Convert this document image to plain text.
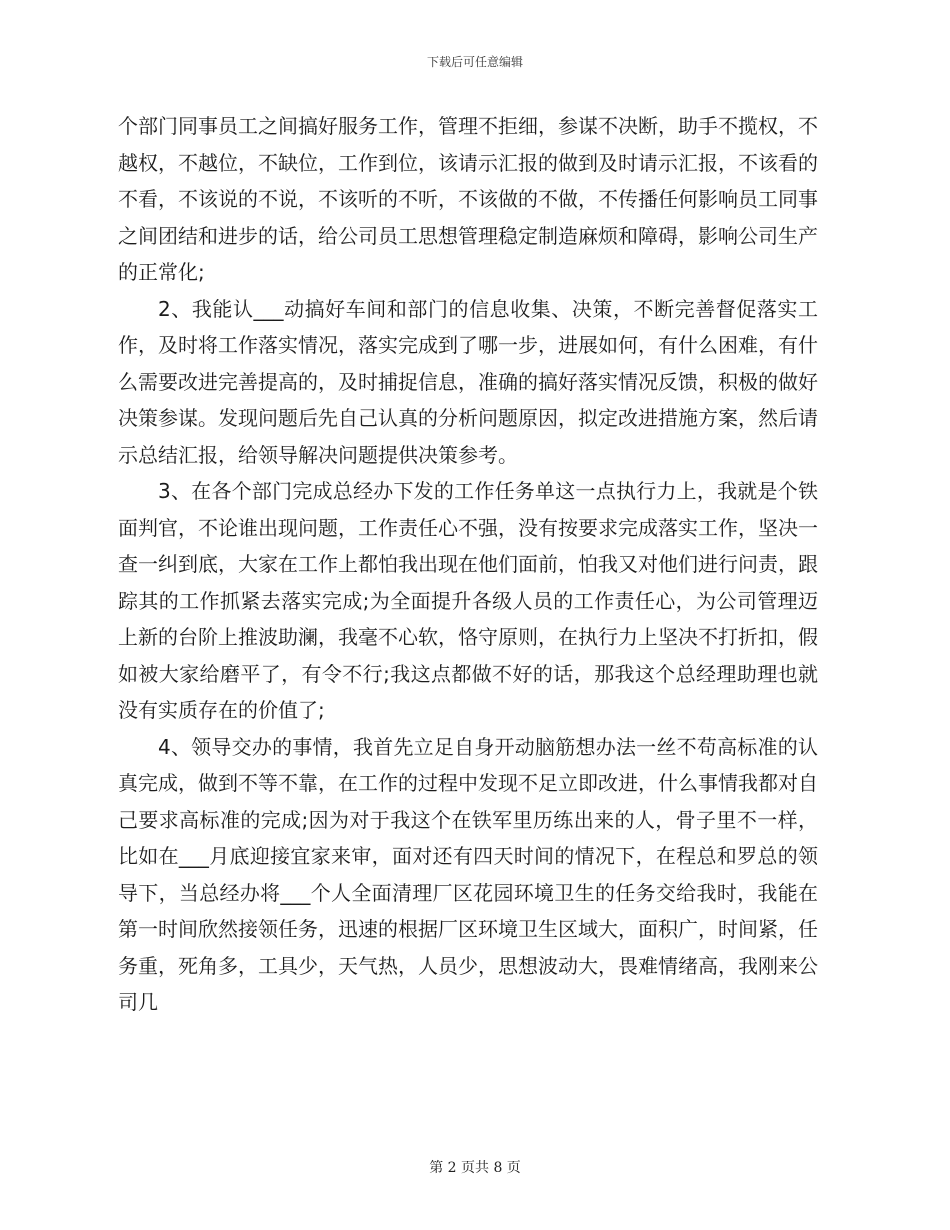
下载后可任意编辑

个部门同事员工之间搞好服务工作，管理不拒细，参谋不决断，助手不揽权，不越权，不越位，不缺位，工作到位，该请示汇报的做到及时请示汇报，不该看的不看，不该说的不说，不该听的不听，不该做的不做，不传播任何影响员工同事之间团结和进步的话，给公司员工思想管理稳定制造麻烦和障碍，影响公司生产的正常化;

2、我能认___动搞好车间和部门的信息收集、决策，不断完善督促落实工作，及时将工作落实情况，落实完成到了哪一步，进展如何，有什么困难，有什么需要改进完善提高的，及时捕捉信息，准确的搞好落实情况反馈，积极的做好决策参谋。发现问题后先自己认真的分析问题原因，拟定改进措施方案，然后请示总结汇报，给领导解决问题提供决策参考。

3、在各个部门完成总经办下发的工作任务单这一点执行力上，我就是个铁面判官，不论谁出现问题，工作责任心不强，没有按要求完成落实工作，坚决一查一纠到底，大家在工作上都怕我出现在他们面前，怕我又对他们进行问责，跟踪其的工作抓紧去落实完成;为全面提升各级人员的工作责任心，为公司管理迈上新的台阶上推波助澜，我毫不心软，恪守原则，在执行力上坚决不打折扣，假如被大家给磨平了，有令不行;我这点都做不好的话，那我这个总经理助理也就没有实质存在的价值了;

4、领导交办的事情，我首先立足自身开动脑筋想办法一丝不苟高标准的认真完成，做到不等不靠，在工作的过程中发现不足立即改进，什么事情我都对自己要求高标准的完成;因为对于我这个在铁军里历练出来的人，骨子里不一样，比如在___月底迎接宜家来审，面对还有四天时间的情况下，在程总和罗总的领导下，当总经办将___个人全面清理厂区花园环境卫生的任务交给我时，我能在第一时间欣然接领任务，迅速的根据厂区环境卫生区域大，面积广，时间紧，任务重，死角多，工具少，天气热，人员少，思想波动大，畏难情绪高，我刚来公司几

第 2 页共 8 页
